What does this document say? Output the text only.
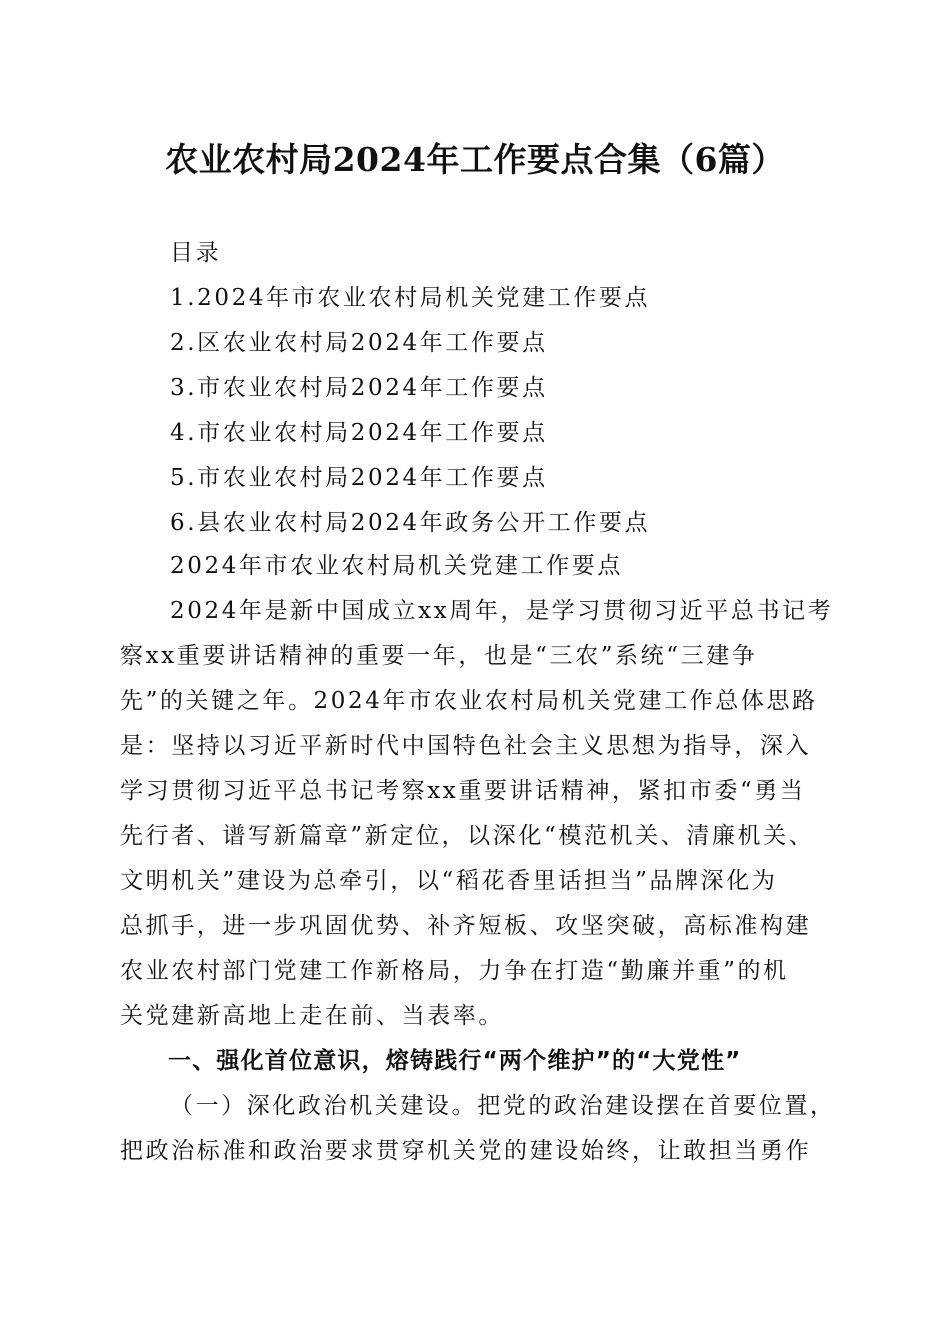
农业农村局2024年工作要点合集（6篇）

目录

1.2024年市农业农村局机关党建工作要点

2.区农业农村局2024年工作要点

3.市农业农村局2024年工作要点

4.市农业农村局2024年工作要点

5.市农业农村局2024年工作要点

6.县农业农村局2024年政务公开工作要点

2024年市农业农村局机关党建工作要点

2024年是新中国成立xx周年，是学习贯彻习近平总书记考

察xx重要讲话精神的重要一年，也是“三农”系统“三建争

先”的关键之年。2024年市农业农村局机关党建工作总体思路

是：坚持以习近平新时代中国特色社会主义思想为指导，深入

学习贯彻习近平总书记考察xx重要讲话精神，紧扣市委“勇当

先行者、谱写新篇章”新定位，以深化“模范机关、清廉机关、

文明机关”建设为总牵引，以“稻花香里话担当”品牌深化为

总抓手，进一步巩固优势、补齐短板、攻坚突破，高标准构建

农业农村部门党建工作新格局，力争在打造“勤廉并重”的机

关党建新高地上走在前、当表率。

一、强化首位意识，熔铸践行“两个维护”的“大党性”

（一）深化政治机关建设。把党的政治建设摆在首要位置，

把政治标准和政治要求贯穿机关党的建设始终，让敢担当勇作
